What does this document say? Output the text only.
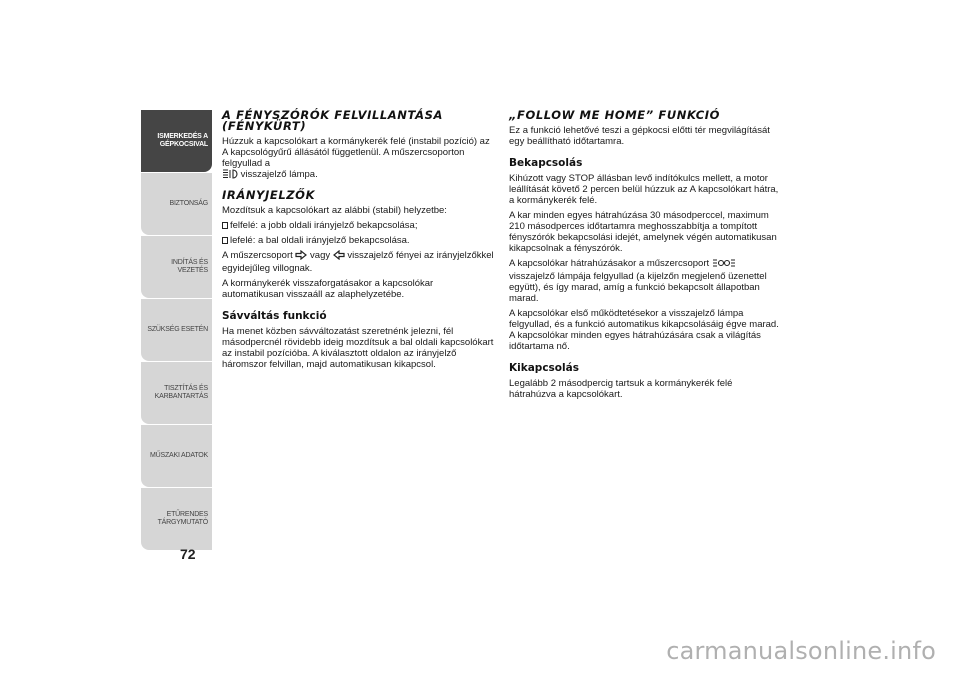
ISMERKEDÉS A
GÉPKOCSIVAL
BIZTONSÁG
INDÍTÁS ÉS VEZETÉS
SZÜKSÉG ESETÉN
TISZTÍTÁS ÉS
KARBANTARTÁS
MŰSZAKI ADATOK
ETŰRENDES
TÁRGYMUTATÓ
72
A FÉNYSZÓRÓK FELVILLANTÁSA (FÉNYKÜRT)

Húzzuk a kapcsolókart a kormánykerék felé (instabil pozíció) az A kapcsológyűrű állásától függetlenül. A műszercsoporton felgyullad a
visszajelző lámpa.

IRÁNYJELZŐK

Mozdítsuk a kapcsolókart az alábbi (stabil) helyzetbe:

felfelé: a jobb oldali irányjelző bekapcsolása;

lefelé: a bal oldali irányjelző bekapcsolása.

A műszercsoport vagy visszajelző fényei az irányjelzőkkel egyidejűleg villognak.

A kormánykerék visszaforgatásakor a kapcsolókar automatikusan visszaáll az alaphelyzetébe.

Sávváltás funkció

Ha menet közben sávváltozatást szeretnénk jelezni, fél másodpercnél rövidebb ideig mozdítsuk a bal oldali kapcsolókart az instabil pozícióba. A kiválasztott oldalon az irányjelző háromszor felvillan, majd automatikusan kikapcsol.

„FOLLOW ME HOME” FUNKCIÓ

Ez a funkció lehetővé teszi a gépkocsi előtti tér megvilágítását egy beállítható időtartamra.

Bekapcsolás

Kihúzott vagy STOP állásban levő indítókulcs mellett, a motor leállítását követő 2 percen belül húzzuk az A kapcsolókart hátra, a kormánykerék felé.

A kar minden egyes hátrahúzása 30 másodperccel, maximum 210 másodperces időtartamra meghosszabbítja a tompított fényszórók bekapcsolási idejét, amelynek végén automatikusan kikapcsolnak a fényszórók.

A kapcsolókar hátrahúzásakor a műszercsoport  visszajelző lámpája felgyullad (a kijelzőn megjelenő üzenettel együtt), és így marad, amíg a funkció bekapcsolt állapotban marad.

A kapcsolókar első működtetésekor a visszajelző lámpa felgyullad, és a funkció automatikus kikapcsolásáig égve marad. A kapcsolókar minden egyes hátrahúzására csak a világítás időtartama nő.

Kikapcsolás

Legalább 2 másodpercig tartsuk a kormánykerék felé hátrahúzva a kapcsolókart.

carmanualsonline.info
